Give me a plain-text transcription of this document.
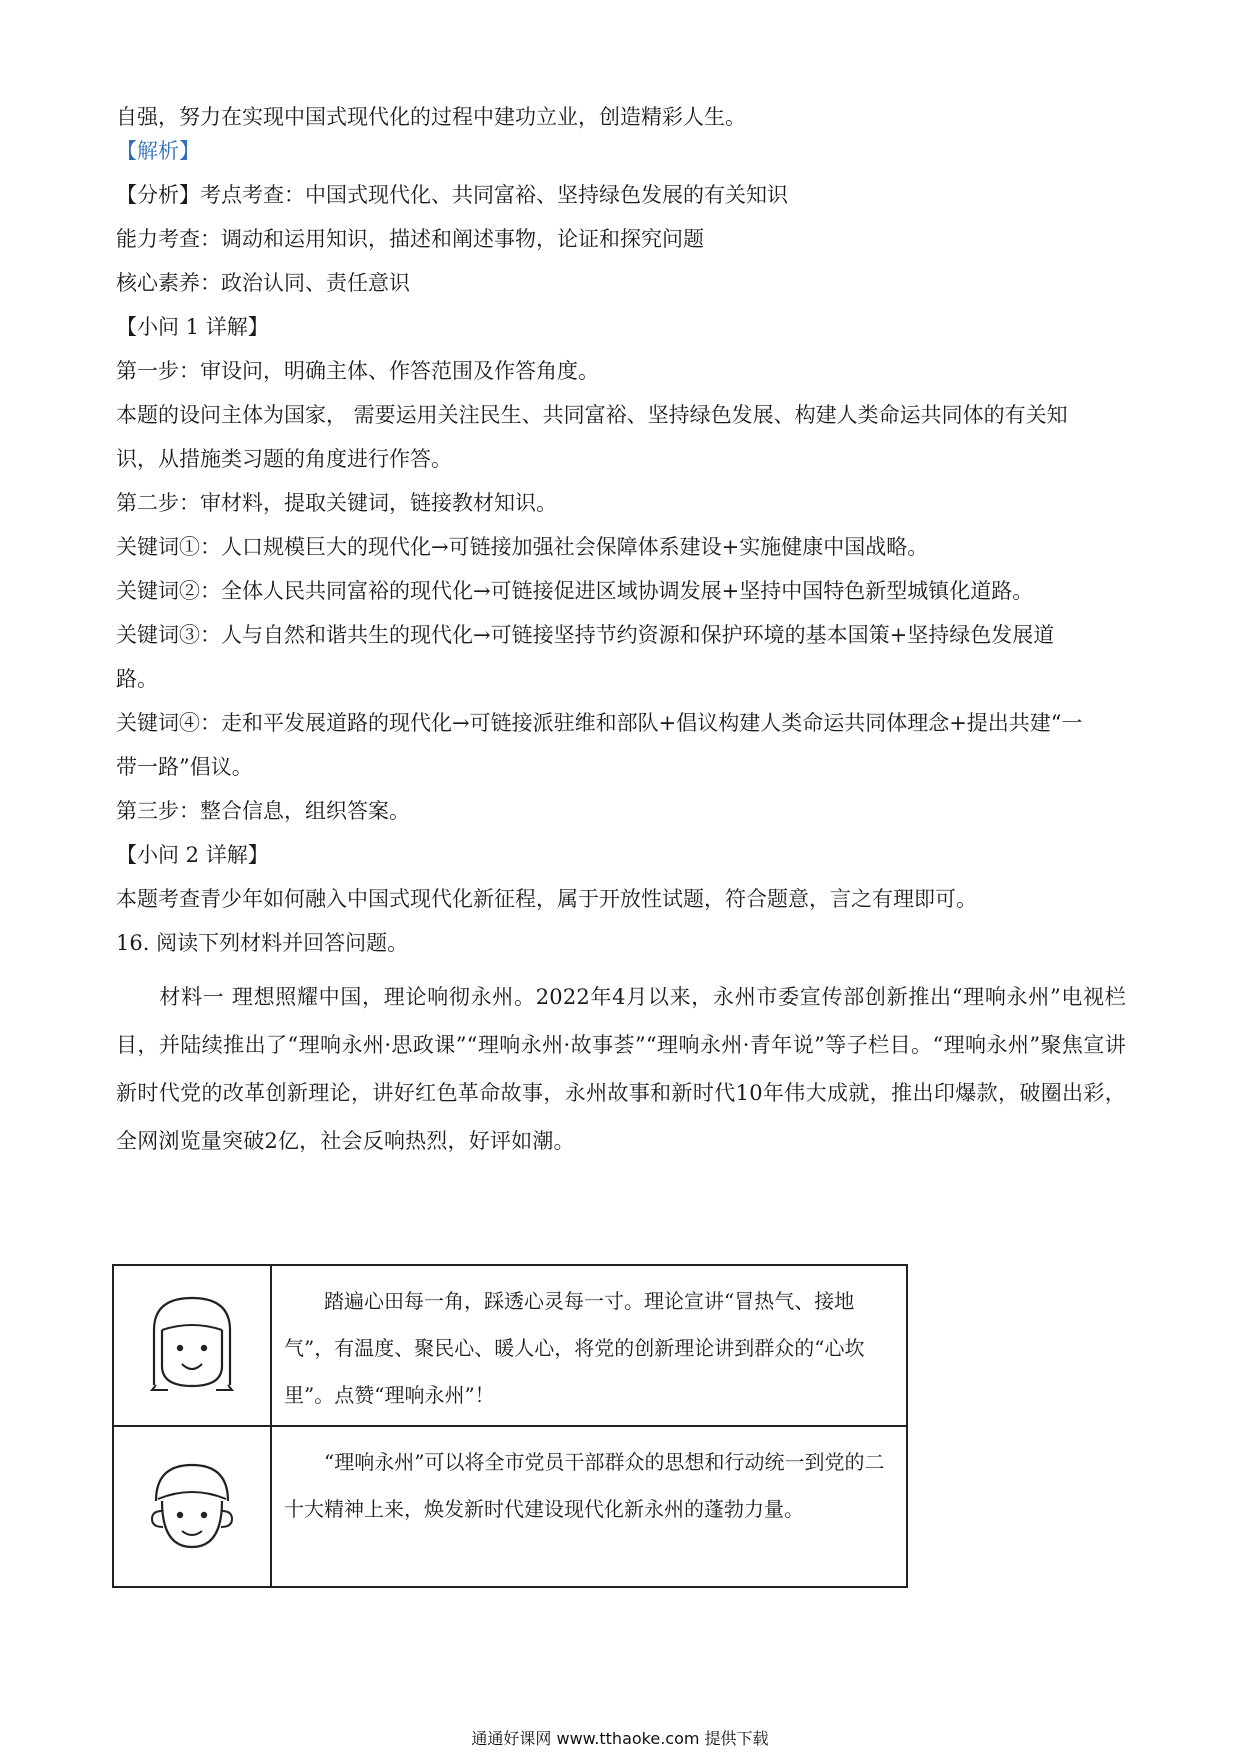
自强，努力在实现中国式现代化的过程中建功立业，创造精彩人生。
【解析】
【分析】考点考查：中国式现代化、共同富裕、坚持绿色发展的有关知识
能力考查：调动和运用知识，描述和阐述事物，论证和探究问题
核心素养：政治认同、责任意识
【小问 1 详解】
第一步：审设问，明确主体、作答范围及作答角度。
本题的设问主体为国家， 需要运用关注民生、共同富裕、坚持绿色发展、构建人类命运共同体的有关知
识，从措施类习题的角度进行作答。
第二步：审材料，提取关键词，链接教材知识。
关键词①：人口规模巨大的现代化→可链接加强社会保障体系建设+实施健康中国战略。
关键词②：全体人民共同富裕的现代化→可链接促进区域协调发展+坚持中国特色新型城镇化道路。
关键词③：人与自然和谐共生的现代化→可链接坚持节约资源和保护环境的基本国策+坚持绿色发展道
路。
关键词④：走和平发展道路的现代化→可链接派驻维和部队+倡议构建人类命运共同体理念+提出共建“一
带一路”倡议。
第三步：整合信息，组织答案。
【小问 2 详解】
本题考查青少年如何融入中国式现代化新征程，属于开放性试题，符合题意，言之有理即可。
16. 阅读下列材料并回答问题。
　　材料一 理想照耀中国，理论响彻永州。2022年4月以来，永州市委宣传部创新推出“理响永州”电视栏目，并陆续推出了“理响永州·思政课”“理响永州·故事荟”“理响永州·青年说”等子栏目。“理响永州”聚焦宣讲新时代党的改革创新理论，讲好红色革命故事，永州故事和新时代10年伟大成就，推出印爆款，破圈出彩，全网浏览量突破2亿，社会反响热烈，好评如潮。
	　　踏遍心田每一角，踩透心灵每一寸。理论宣讲“冒热气、接地气”，有温度、聚民心、暖人心，将党的创新理论讲到群众的“心坎里”。点赞“理响永州”！
	　　“理响永州”可以将全市党员干部群众的思想和行动统一到党的二十大精神上来，焕发新时代建设现代化新永州的蓬勃力量。
通通好课网 www.tthaoke.com 提供下载
